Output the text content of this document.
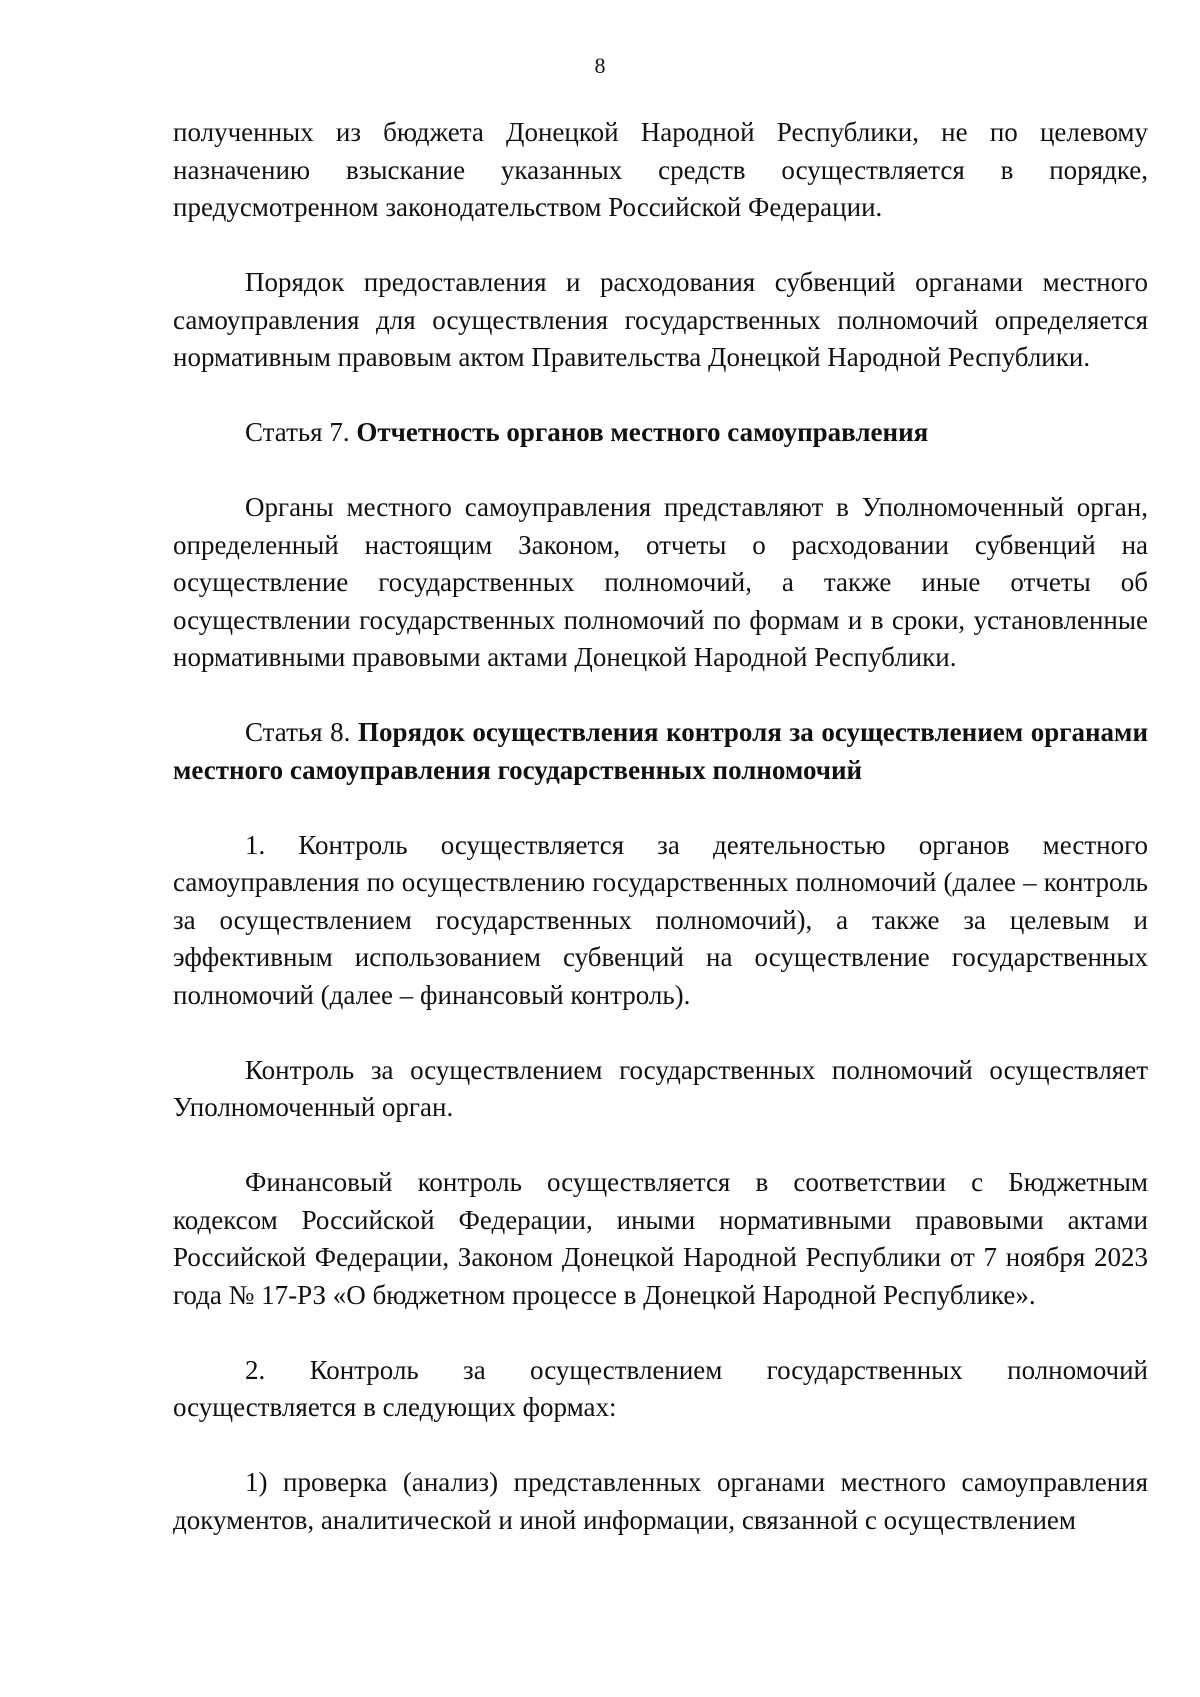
8

полученных из бюджета Донецкой Народной Республики, не по целевому назначению взыскание указанных средств осуществляется в порядке, предусмотренном законодательством Российской Федерации.

Порядок предоставления и расходования субвенций органами местного самоуправления для осуществления государственных полномочий определяется нормативным правовым актом Правительства Донецкой Народной Республики.

Статья 7. Отчетность органов местного самоуправления

Органы местного самоуправления представляют в Уполномоченный орган, определенный настоящим Законом, отчеты о расходовании субвенций на осуществление государственных полномочий, а также иные отчеты об осуществлении государственных полномочий по формам и в сроки, установленные нормативными правовыми актами Донецкой Народной Республики.

Статья 8. Порядок осуществления контроля за осуществлением органами местного самоуправления государственных полномочий

1. Контроль осуществляется за деятельностью органов местного самоуправления по осуществлению государственных полномочий (далее – контроль за осуществлением государственных полномочий), а также за целевым и эффективным использованием субвенций на осуществление государственных полномочий (далее – финансовый контроль).

Контроль за осуществлением государственных полномочий осуществляет Уполномоченный орган.

Финансовый контроль осуществляется в соответствии с Бюджетным кодексом Российской Федерации, иными нормативными правовыми актами Российской Федерации, Законом Донецкой Народной Республики от 7 ноября 2023 года № 17-РЗ «О бюджетном процессе в Донецкой Народной Республике».

2. Контроль за осуществлением государственных полномочий осуществляется в следующих формах:

1) проверка (анализ) представленных органами местного самоуправления документов, аналитической и иной информации, связанной с осуществлением
